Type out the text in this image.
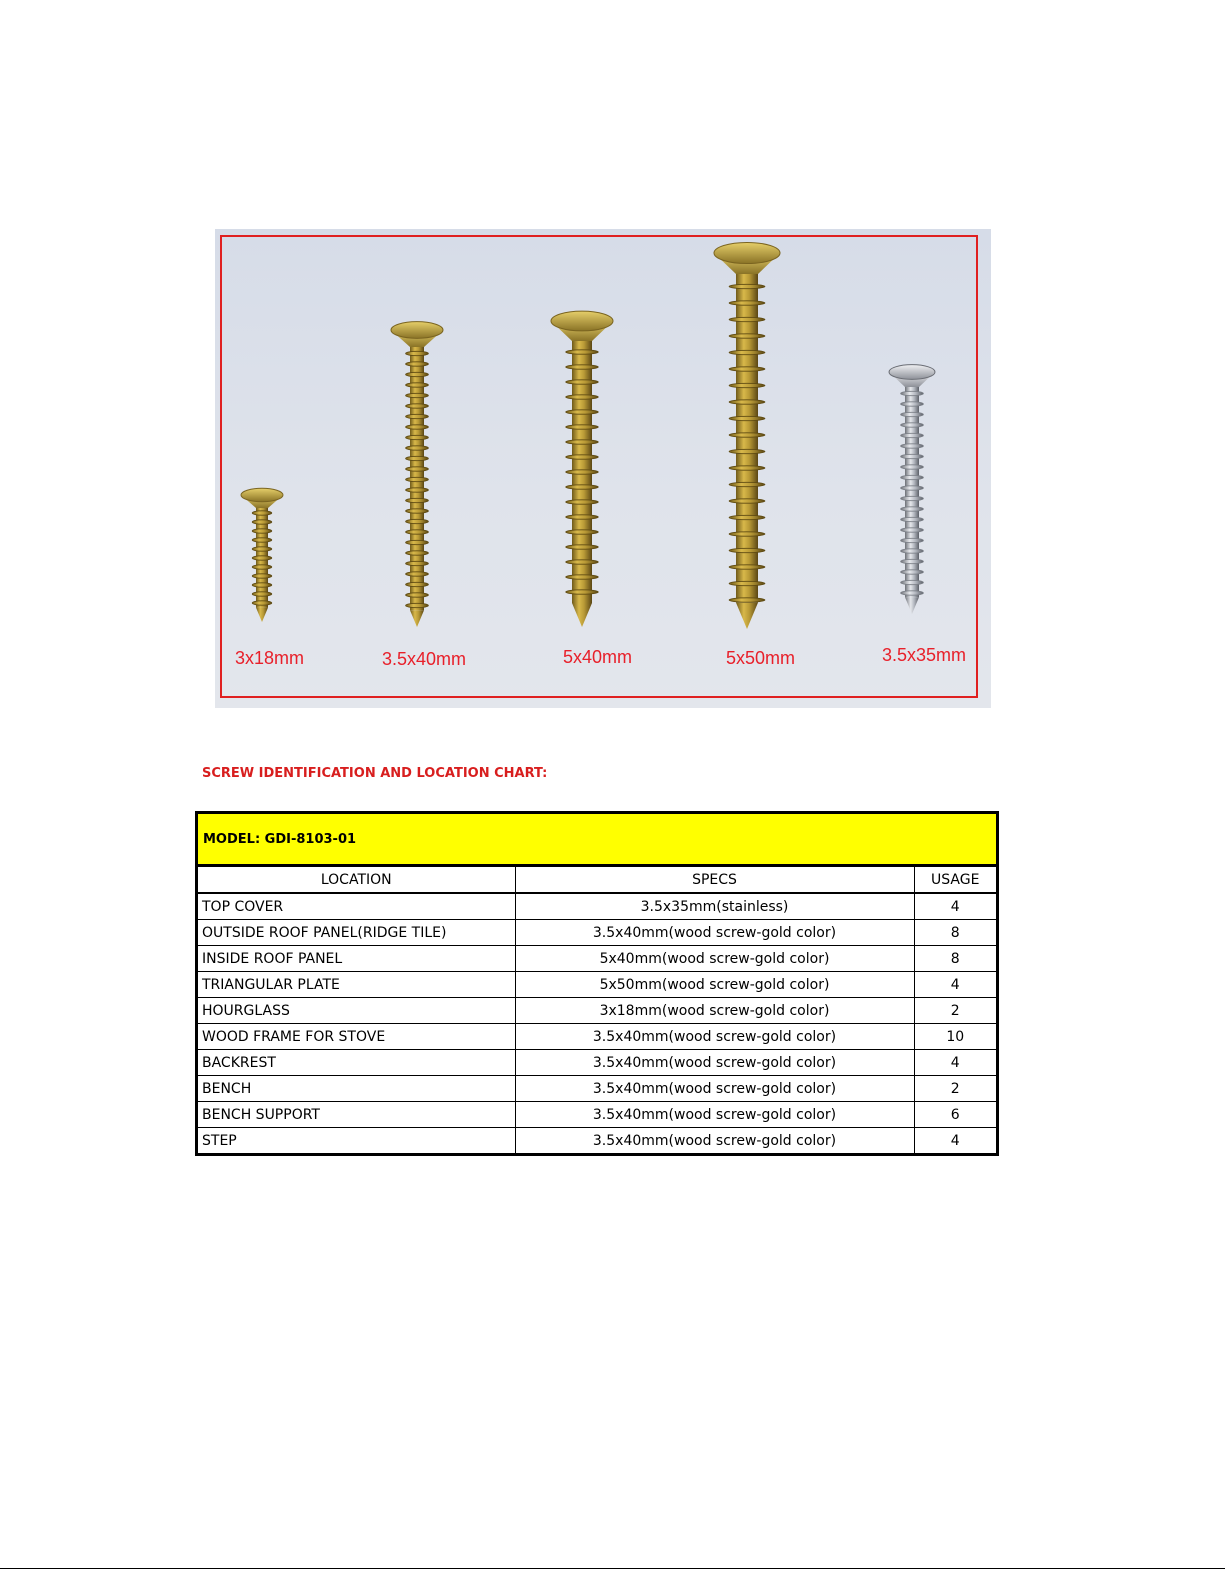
3x18mm	3.5x40mm	5x40mm	5x50mm	3.5x35mm
SCREW IDENTIFICATION AND LOCATION CHART:
MODEL: GDI-8103-01
LOCATION	SPECS	USAGE
TOP COVER	3.5x35mm(stainless)	4
OUTSIDE ROOF PANEL(RIDGE TILE)	3.5x40mm(wood screw-gold color)	8
INSIDE ROOF PANEL	5x40mm(wood screw-gold color)	8
TRIANGULAR PLATE	5x50mm(wood screw-gold color)	4
HOURGLASS	3x18mm(wood screw-gold color)	2
WOOD FRAME FOR STOVE	3.5x40mm(wood screw-gold color)	10
BACKREST	3.5x40mm(wood screw-gold color)	4
BENCH	3.5x40mm(wood screw-gold color)	2
BENCH SUPPORT	3.5x40mm(wood screw-gold color)	6
STEP	3.5x40mm(wood screw-gold color)	4
